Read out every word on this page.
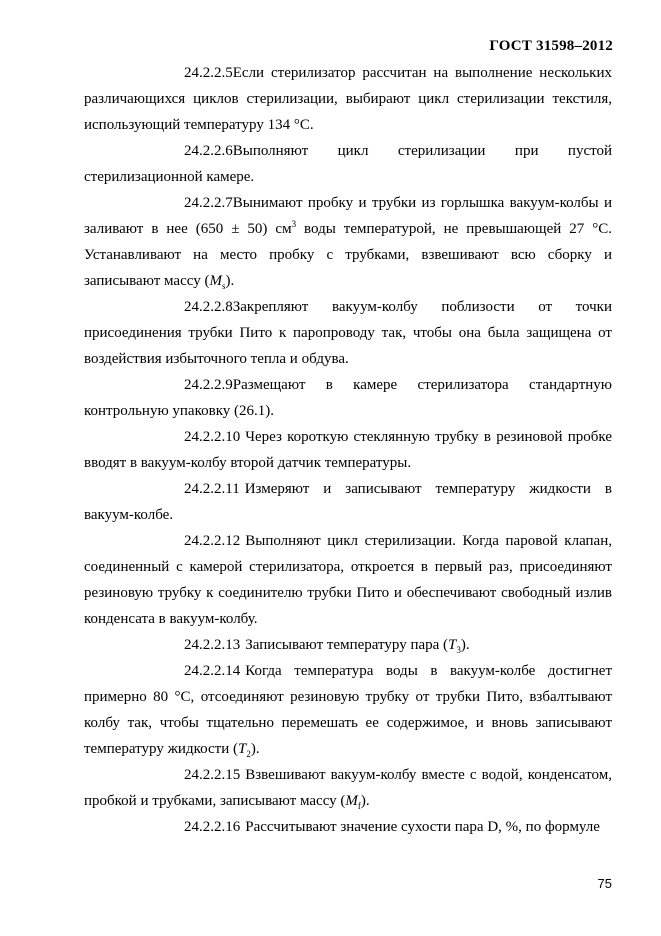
ГОСТ 31598–2012

24.2.2.5Если стерилизатор рассчитан на выполнение нескольких различающихся циклов стерилизации, выбирают цикл стерилизации текстиля, использующий температуру 134 °С.

24.2.2.6Выполняют цикл стерилизации при пустой стерилизационной камере.

24.2.2.7Вынимают пробку и трубки из горлышка вакуум-колбы и заливают в нее (650 ± 50) $см^3$ воды температурой, не превышающей 27 °С. Устанавливают на место пробку с трубками, взвешивают всю сборку и записывают массу $(M_s)$.

24.2.2.8Закрепляют вакуум-колбу поблизости от точки присоединения трубки Пито к паропроводу так, чтобы она была защищена от воздействия избыточного тепла и обдува.

24.2.2.9Размещают в камере стерилизатора стандартную контрольную упаковку (26.1).

24.2.2.10 Через короткую стеклянную трубку в резиновой пробке вводят в вакуум-колбу второй датчик температуры.

24.2.2.11 Измеряют и записывают температуру жидкости в вакуум-колбе.

24.2.2.12 Выполняют цикл стерилизации. Когда паровой клапан, соединенный с камерой стерилизатора, откроется в первый раз, присоединяют резиновую трубку к соединителю трубки Пито и обеспечивают свободный излив конденсата в вакуум-колбу.

24.2.2.13 Записывают температуру пара $(T_3)$.

24.2.2.14 Когда температура воды в вакуум-колбе достигнет примерно 80 °С, отсоединяют резиновую трубку от трубки Пито, взбалтывают колбу так, чтобы тщательно перемешать ее содержимое, и вновь записывают температуру жидкости $(T_2)$.

24.2.2.15 Взвешивают вакуум-колбу вместе с водой, конденсатом, пробкой и трубками, записывают массу $(M_f)$.

24.2.2.16 Рассчитывают значение сухости пара D, %, по формуле

75
